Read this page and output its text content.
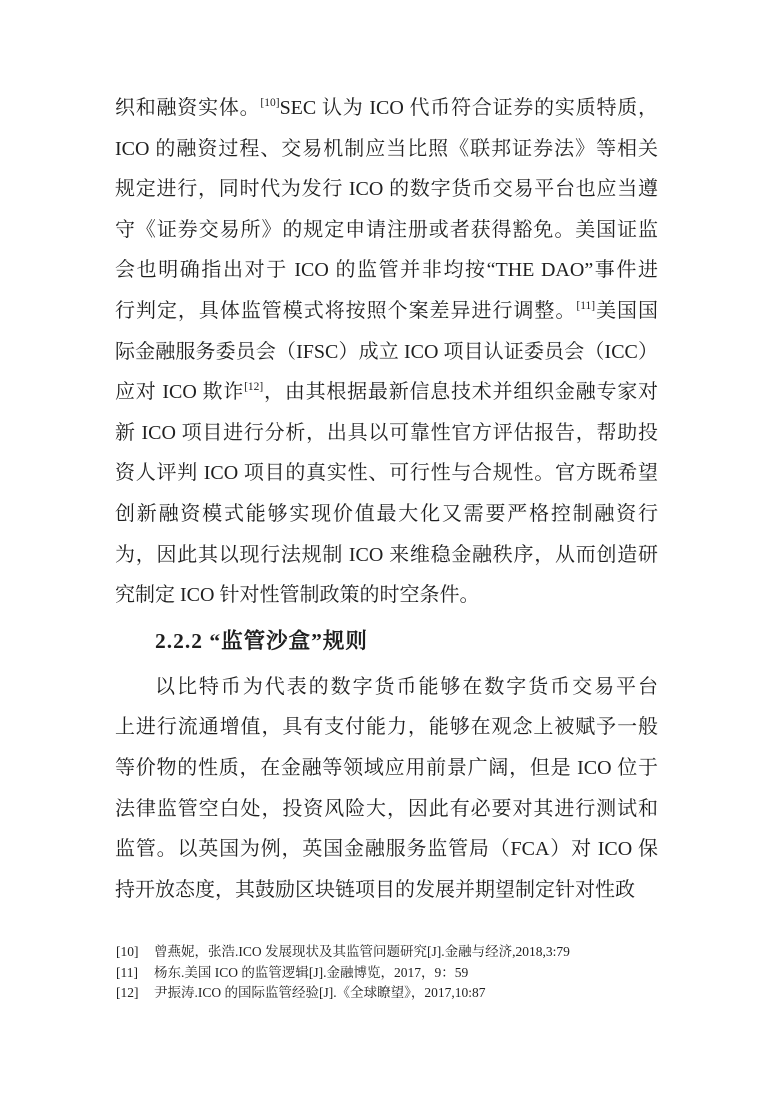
织和融资实体。[10]SEC 认为 ICO 代币符合证券的实质特质，
ICO 的融资过程、交易机制应当比照《联邦证券法》等相关
规定进行，同时代为发行 ICO 的数字货币交易平台也应当遵
守《证券交易所》的规定申请注册或者获得豁免。美国证监
会也明确指出对于 ICO 的监管并非均按“THE DAO”事件进
行判定，具体监管模式将按照个案差异进行调整。[11]美国国
际金融服务委员会（IFSC）成立 ICO 项目认证委员会（ICC）
应对 ICO 欺诈[12]，由其根据最新信息技术并组织金融专家对
新 ICO 项目进行分析，出具以可靠性官方评估报告，帮助投
资人评判 ICO 项目的真实性、可行性与合规性。官方既希望
创新融资模式能够实现价值最大化又需要严格控制融资行
为，因此其以现行法规制 ICO 来维稳金融秩序，从而创造研
究制定 ICO 针对性管制政策的时空条件。
2.2.2 “监管沙盒”规则
以比特币为代表的数字货币能够在数字货币交易平台
上进行流通增值，具有支付能力，能够在观念上被赋予一般
等价物的性质，在金融等领域应用前景广阔，但是 ICO 位于
法律监管空白处，投资风险大，因此有必要对其进行测试和
监管。以英国为例，英国金融服务监管局（FCA）对 ICO 保
持开放态度，其鼓励区块链项目的发展并期望制定针对性政
[10] 曾燕妮，张浩.ICO 发展现状及其监管问题研究[J].金融与经济,2018,3:79
[11] 杨东.美国 ICO 的监管逻辑[J].金融博览，2017，9：59
[12] 尹振涛.ICO 的国际监管经验[J].《全球瞭望》，2017,10:87
